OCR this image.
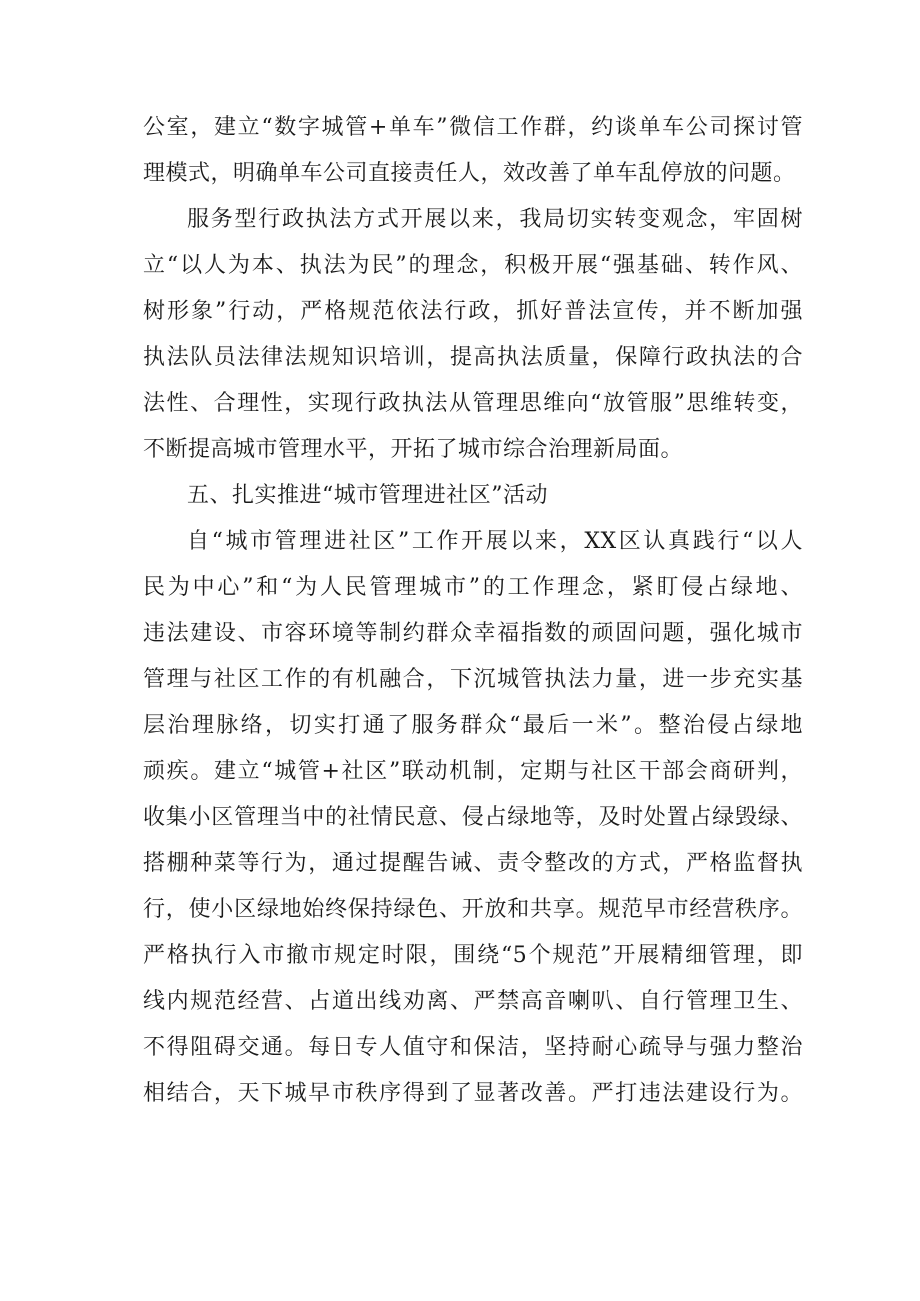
公室，建立“数字城管+单车”微信工作群，约谈单车公司探讨管
理模式，明确单车公司直接责任人，效改善了单车乱停放的问题。
服务型行政执法方式开展以来，我局切实转变观念，牢固树
立“以人为本、执法为民”的理念，积极开展“强基础、转作风、
树形象”行动，严格规范依法行政，抓好普法宣传，并不断加强
执法队员法律法规知识培训，提高执法质量，保障行政执法的合
法性、合理性，实现行政执法从管理思维向“放管服”思维转变，
不断提高城市管理水平，开拓了城市综合治理新局面。
五、扎实推进“城市管理进社区”活动
自“城市管理进社区”工作开展以来，XX区认真践行“以人
民为中心”和“为人民管理城市”的工作理念，紧盯侵占绿地、
违法建设、市容环境等制约群众幸福指数的顽固问题，强化城市
管理与社区工作的有机融合，下沉城管执法力量，进一步充实基
层治理脉络，切实打通了服务群众“最后一米”。整治侵占绿地
顽疾。建立“城管+社区”联动机制，定期与社区干部会商研判，
收集小区管理当中的社情民意、侵占绿地等，及时处置占绿毁绿、
搭棚种菜等行为，通过提醒告诫、责令整改的方式，严格监督执
行，使小区绿地始终保持绿色、开放和共享。规范早市经营秩序。
严格执行入市撤市规定时限，围绕“5个规范”开展精细管理，即
线内规范经营、占道出线劝离、严禁高音喇叭、自行管理卫生、
不得阻碍交通。每日专人值守和保洁，坚持耐心疏导与强力整治
相结合，天下城早市秩序得到了显著改善。严打违法建设行为。
